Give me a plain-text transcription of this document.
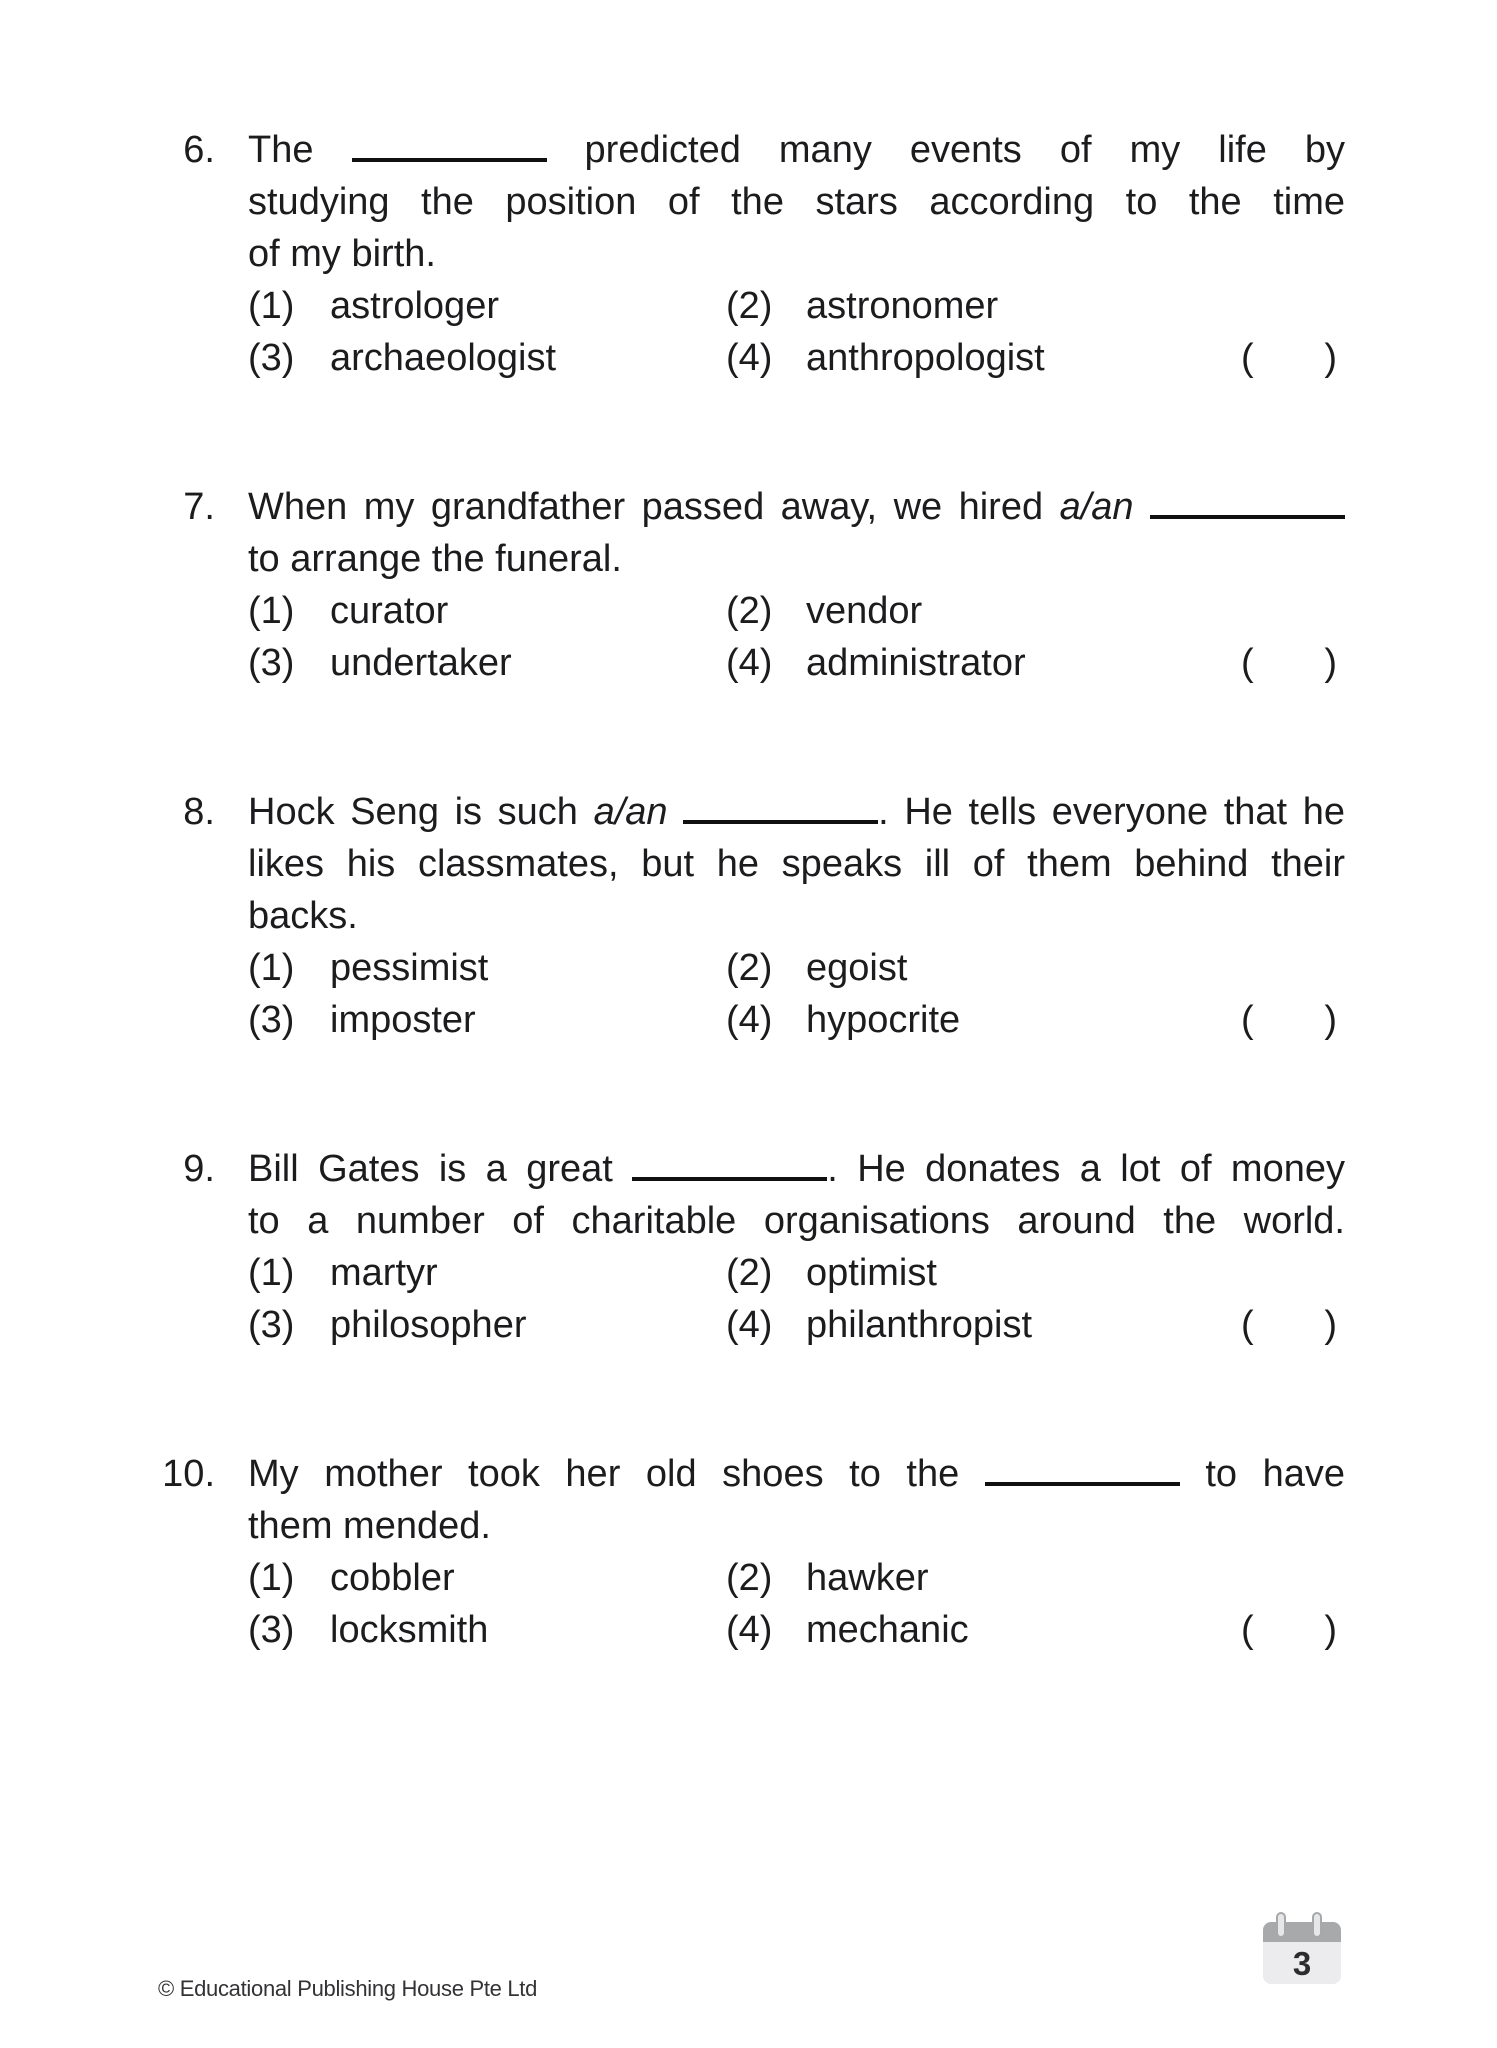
6. The	predicted many events of my life by
studying the position of the stars according to the time
of my birth.
(1) astrologer	(2) astronomer
(3) archaeologist	(4) anthropologist	( )
7. When my grandfather passed away, we hired a/an
to arrange the funeral.
(1) curator	(2) vendor
(3) undertaker	(4) administrator	( )
8. Hock Seng is such a/an	. He tells everyone that he
likes his classmates, but he speaks ill of them behind their
backs.
(1) pessimist	(2) egoist
(3) imposter	(4) hypocrite	( )
9. Bill Gates is a great	. He donates a lot of money
to a number of charitable organisations around the world.
(1) martyr	(2) optimist
(3) philosopher	(4) philanthropist	( )
10. My mother took her old shoes to the	to have
them mended.
(1) cobbler	(2) hawker
(3) locksmith	(4) mechanic	( )
© Educational Publishing House Pte Ltd
3
